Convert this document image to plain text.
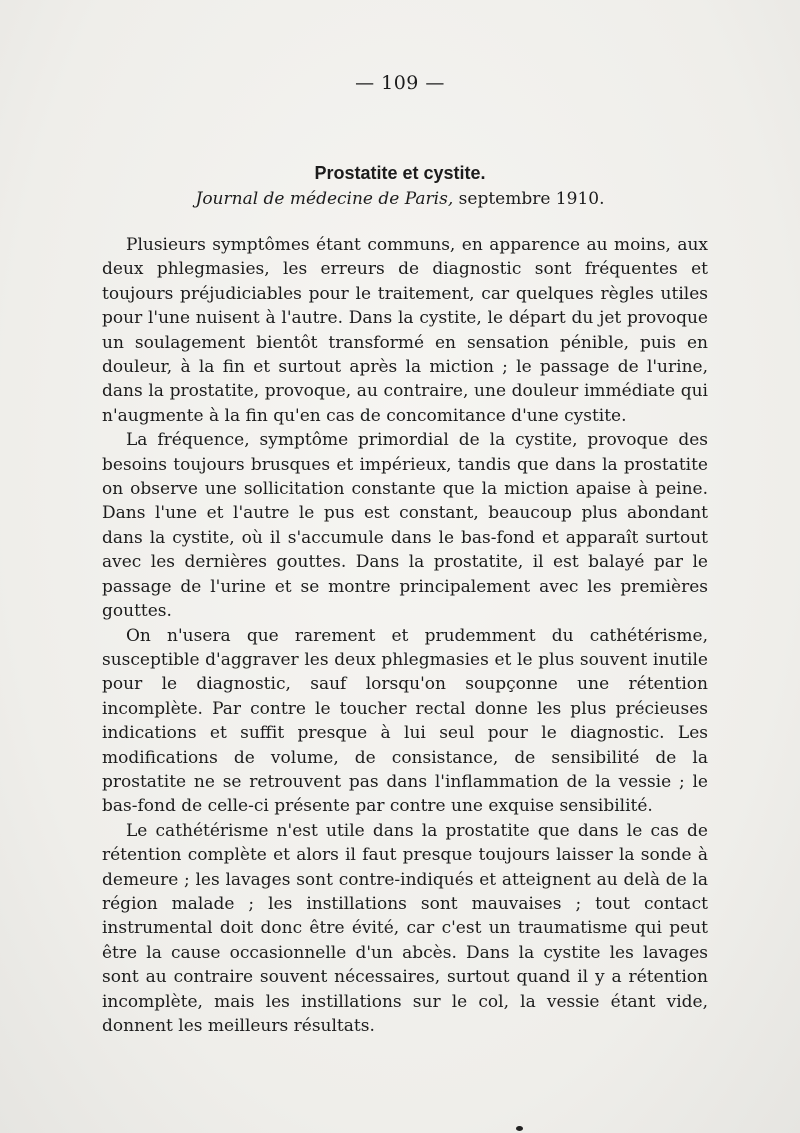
— 109 —
Prostatite et cystite.
Journal de médecine de Paris, septembre 1910.

Plusieurs symptômes étant communs, en apparence au moins, aux deux phlegmasies, les erreurs de diagnostic sont fréquentes et toujours préjudiciables pour le traitement, car quelques règles utiles pour l'une nuisent à l'autre. Dans la cystite, le départ du jet provoque un soulagement bientôt transformé en sensation pénible, puis en douleur, à la fin et surtout après la miction ; le passage de l'urine, dans la prostatite, provoque, au contraire, une douleur immédiate qui n'augmente à la fin qu'en cas de concomitance d'une cystite.

La fréquence, symptôme primordial de la cystite, provoque des besoins toujours brusques et impérieux, tandis que dans la prostatite on observe une sollicitation constante que la miction apaise à peine. Dans l'une et l'autre le pus est constant, beaucoup plus abondant dans la cystite, où il s'accumule dans le bas-fond et apparaît surtout avec les dernières gouttes. Dans la prostatite, il est balayé par le passage de l'urine et se montre principalement avec les premières gouttes.

On n'usera que rarement et prudemment du cathétérisme, susceptible d'aggraver les deux phlegmasies et le plus souvent inutile pour le diagnostic, sauf lorsqu'on soupçonne une rétention incomplète. Par contre le toucher rectal donne les plus précieuses indications et suffit presque à lui seul pour le diagnostic. Les modifications de volume, de consistance, de sensibilité de la prostatite ne se retrouvent pas dans l'inflammation de la vessie ; le bas-fond de celle-ci présente par contre une exquise sensibilité.

Le cathétérisme n'est utile dans la prostatite que dans le cas de rétention complète et alors il faut presque toujours laisser la sonde à demeure ; les lavages sont contre-indiqués et atteignent au delà de la région malade ; les instillations sont mauvaises ; tout contact instrumental doit donc être évité, car c'est un traumatisme qui peut être la cause occasionnelle d'un abcès. Dans la cystite les lavages sont au contraire souvent nécessaires, surtout quand il y a rétention incomplète, mais les instillations sur le col, la vessie étant vide, donnent les meilleurs résultats.
